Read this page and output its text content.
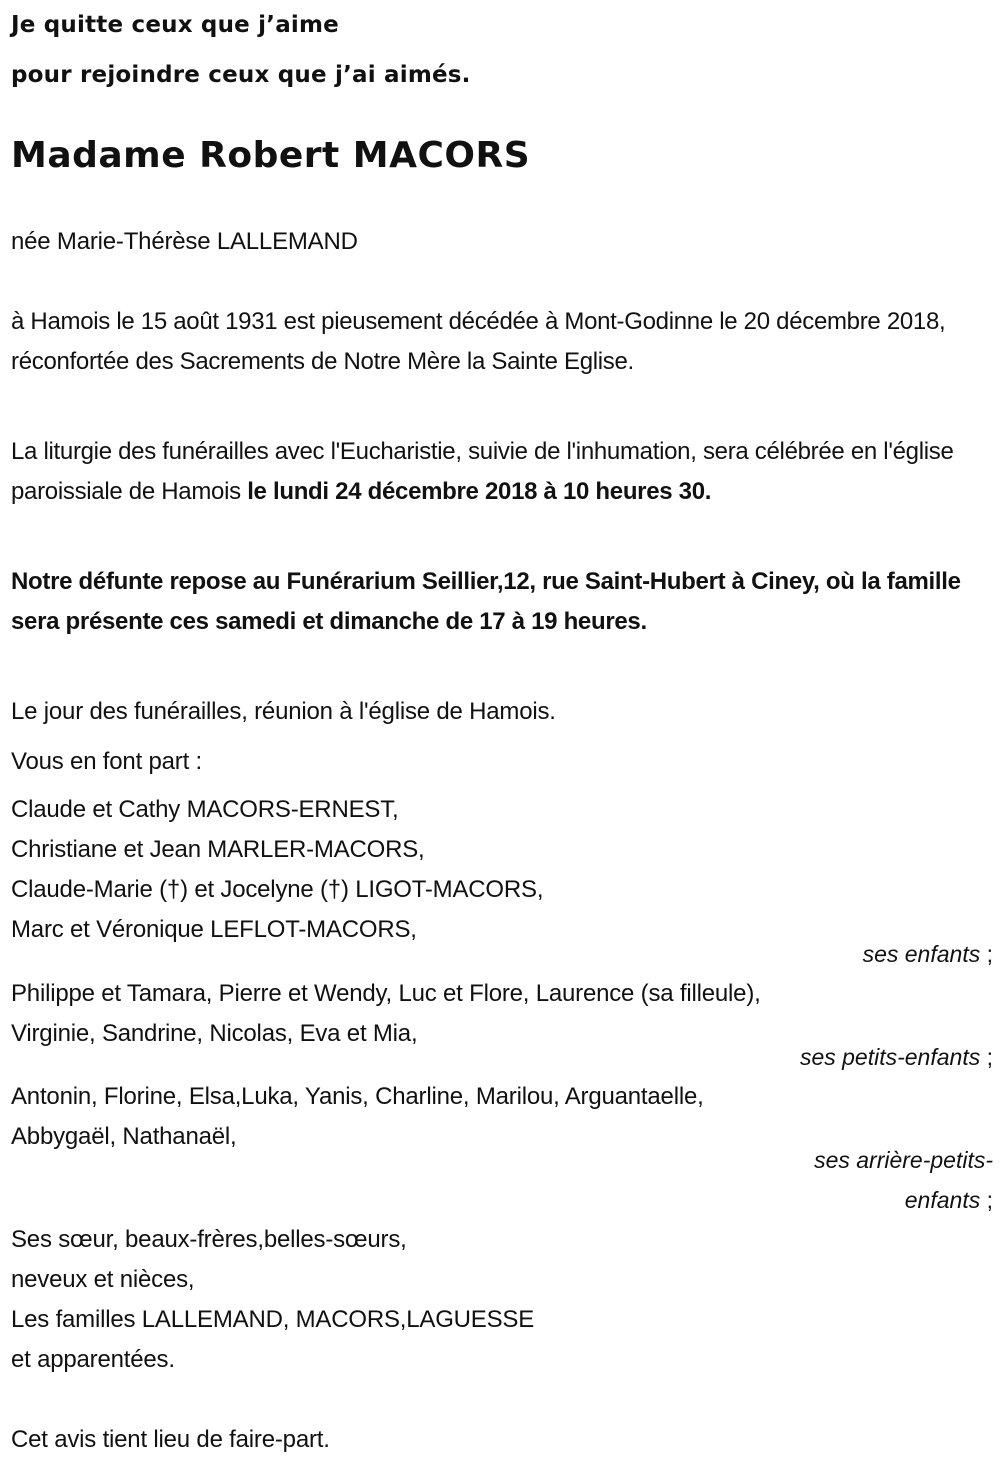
Je quitte ceux que j’aime
pour rejoindre ceux que j’ai aimés.
Madame Robert MACORS
née Marie-Thérèse LALLEMAND
à Hamois le 15 août 1931 est pieusement décédée à Mont-Godinne le 20 décembre 2018, réconfortée des Sacrements de Notre Mère la Sainte Eglise.
La liturgie des funérailles avec l'Eucharistie, suivie de l'inhumation, sera célébrée en l'église paroissiale de Hamois le lundi 24 décembre 2018 à 10 heures 30.
Notre défunte repose au Funérarium Seillier,12, rue Saint-Hubert à Ciney, où la famille sera présente ces samedi et dimanche de 17 à 19 heures.
Le jour des funérailles, réunion à l'église de Hamois.
Vous en font part :
Claude et Cathy MACORS-ERNEST,
Christiane et Jean MARLER-MACORS,
Claude-Marie (†) et Jocelyne (†) LIGOT-MACORS,
Marc et Véronique LEFLOT-MACORS,
ses enfants ;
Philippe et Tamara, Pierre et Wendy, Luc et Flore, Laurence (sa filleule),
Virginie, Sandrine, Nicolas, Eva et Mia,
ses petits-enfants ;
Antonin, Florine, Elsa,Luka, Yanis, Charline, Marilou, Arguantaelle,
Abbygaël, Nathanaël,
ses arrière-petits-
enfants ;
Ses sœur, beaux-frères,belles-sœurs,
neveux et nièces,
Les familles LALLEMAND, MACORS,LAGUESSE
et apparentées.
Cet avis tient lieu de faire-part.
